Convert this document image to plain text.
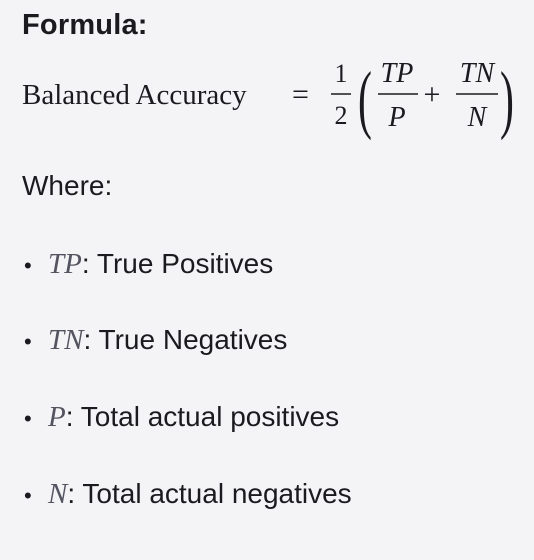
Formula:
Balanced Accuracy =
1
2 ( TP
P
+
TN
N )
Where:
• TP: True Positives
• TN: True Negatives
• P: Total actual positives
• N: Total actual negatives
